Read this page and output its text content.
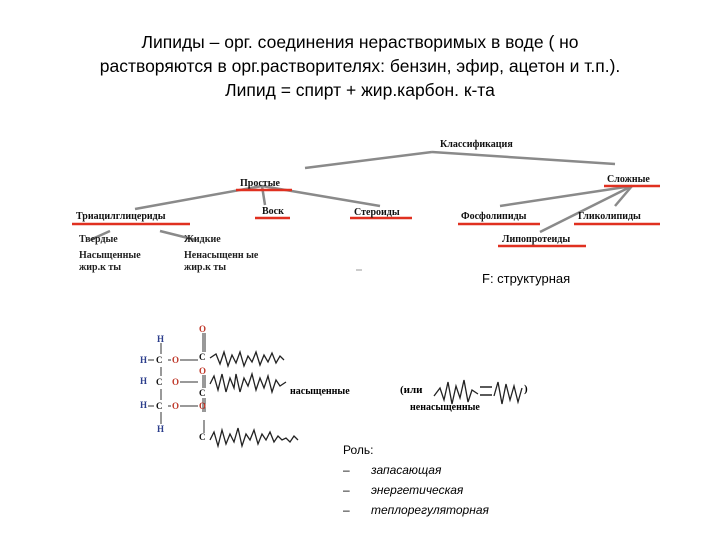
Липиды – орг. соединения нерастворимых в воде ( но
растворяются в орг.растворителях: бензин, эфир, ацетон и т.п.).
Липид = спирт + жир.карбон. к-та
Классификация
Простые	Сложные
Триацилглицериды	Воск	Стероиды	Фосфолипиды	Гликолипиды
Липопротеиды
Твердые	Жидкие
Насыщенные жир.к ты
Ненасыщенн ые жир.к ты
F: структурная
H
H C O
O
C
H C O
O
C
H C O O
C
H
насыщенные	(или	)
ненасыщенные
Роль:
– запасающая
– энергетическая
– теплорегуляторная
